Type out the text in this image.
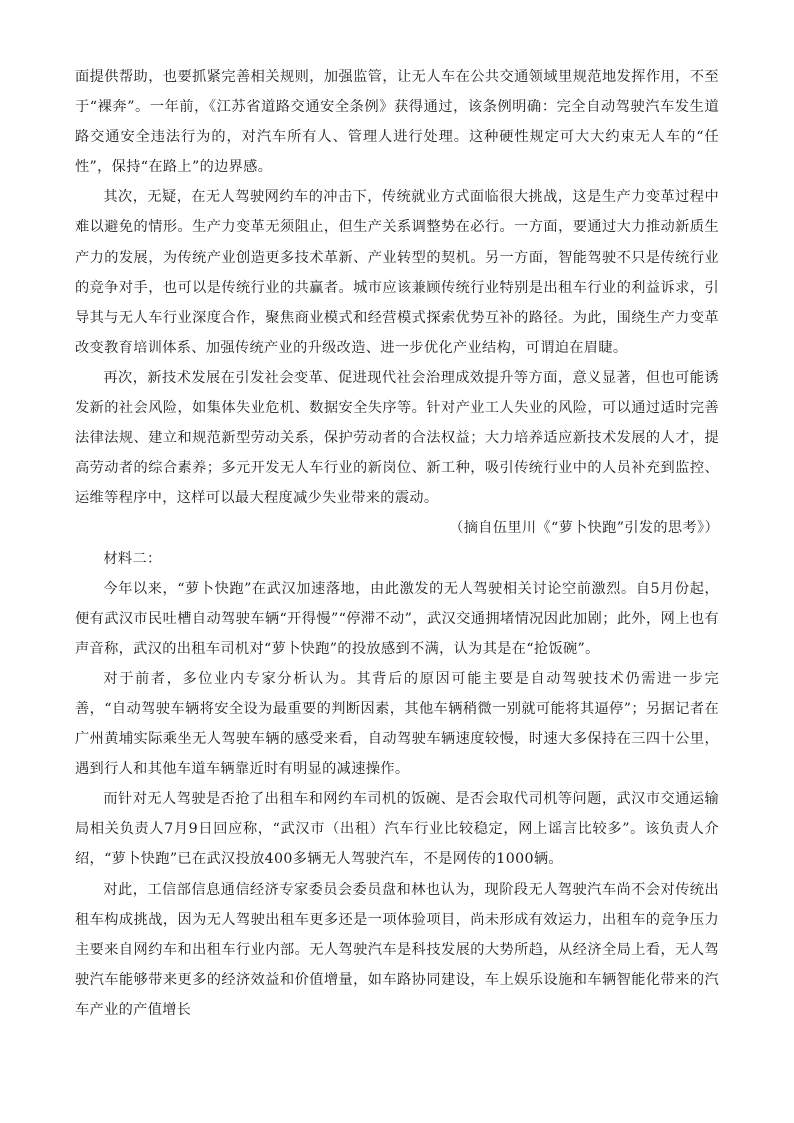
面提供帮助，也要抓紧完善相关规则，加强监管，让无人车在公共交通领域里规范地发挥作用，不至于“裸奔”。一年前，《江苏省道路交通安全条例》获得通过，该条例明确：完全自动驾驶汽车发生道路交通安全违法行为的，对汽车所有人、管理人进行处理。这种硬性规定可大大约束无人车的“任性”，保持“在路上”的边界感。

其次，无疑，在无人驾驶网约车的冲击下，传统就业方式面临很大挑战，这是生产力变革过程中难以避免的情形。生产力变革无须阻止，但生产关系调整势在必行。一方面，要通过大力推动新质生产力的发展，为传统产业创造更多技术革新、产业转型的契机。另一方面，智能驾驶不只是传统行业的竞争对手，也可以是传统行业的共赢者。城市应该兼顾传统行业特别是出租车行业的利益诉求，引导其与无人车行业深度合作，聚焦商业模式和经营模式探索优势互补的路径。为此，围绕生产力变革改变教育培训体系、加强传统产业的升级改造、进一步优化产业结构，可谓迫在眉睫。

再次，新技术发展在引发社会变革、促进现代社会治理成效提升等方面，意义显著，但也可能诱发新的社会风险，如集体失业危机、数据安全失序等。针对产业工人失业的风险，可以通过适时完善法律法规、建立和规范新型劳动关系，保护劳动者的合法权益；大力培养适应新技术发展的人才，提高劳动者的综合素养；多元开发无人车行业的新岗位、新工种，吸引传统行业中的人员补充到监控、运维等程序中，这样可以最大程度减少失业带来的震动。

（摘自伍里川《“萝卜快跑”引发的思考》）

材料二：

今年以来，“萝卜快跑”在武汉加速落地，由此激发的无人驾驶相关讨论空前激烈。自5月份起，便有武汉市民吐槽自动驾驶车辆“开得慢”“停滞不动”，武汉交通拥堵情况因此加剧；此外，网上也有声音称，武汉的出租车司机对“萝卜快跑”的投放感到不满，认为其是在“抢饭碗”。

对于前者，多位业内专家分析认为。其背后的原因可能主要是自动驾驶技术仍需进一步完善，“自动驾驶车辆将安全设为最重要的判断因素，其他车辆稍微一别就可能将其逼停”；另据记者在广州黄埔实际乘坐无人驾驶车辆的感受来看，自动驾驶车辆速度较慢，时速大多保持在三四十公里，遇到行人和其他车道车辆靠近时有明显的减速操作。

而针对无人驾驶是否抢了出租车和网约车司机的饭碗、是否会取代司机等问题，武汉市交通运输局相关负责人7月9日回应称，“武汉市（出租）汽车行业比较稳定，网上谣言比较多”。该负责人介绍，“萝卜快跑”已在武汉投放400多辆无人驾驶汽车，不是网传的1000辆。

对此，工信部信息通信经济专家委员会委员盘和林也认为，现阶段无人驾驶汽车尚不会对传统出租车构成挑战，因为无人驾驶出租车更多还是一项体验项目，尚未形成有效运力，出租车的竞争压力主要来自网约车和出租车行业内部。无人驾驶汽车是科技发展的大势所趋，从经济全局上看，无人驾驶汽车能够带来更多的经济效益和价值增量，如车路协同建设，车上娱乐设施和车辆智能化带来的汽车产业的产值增长
